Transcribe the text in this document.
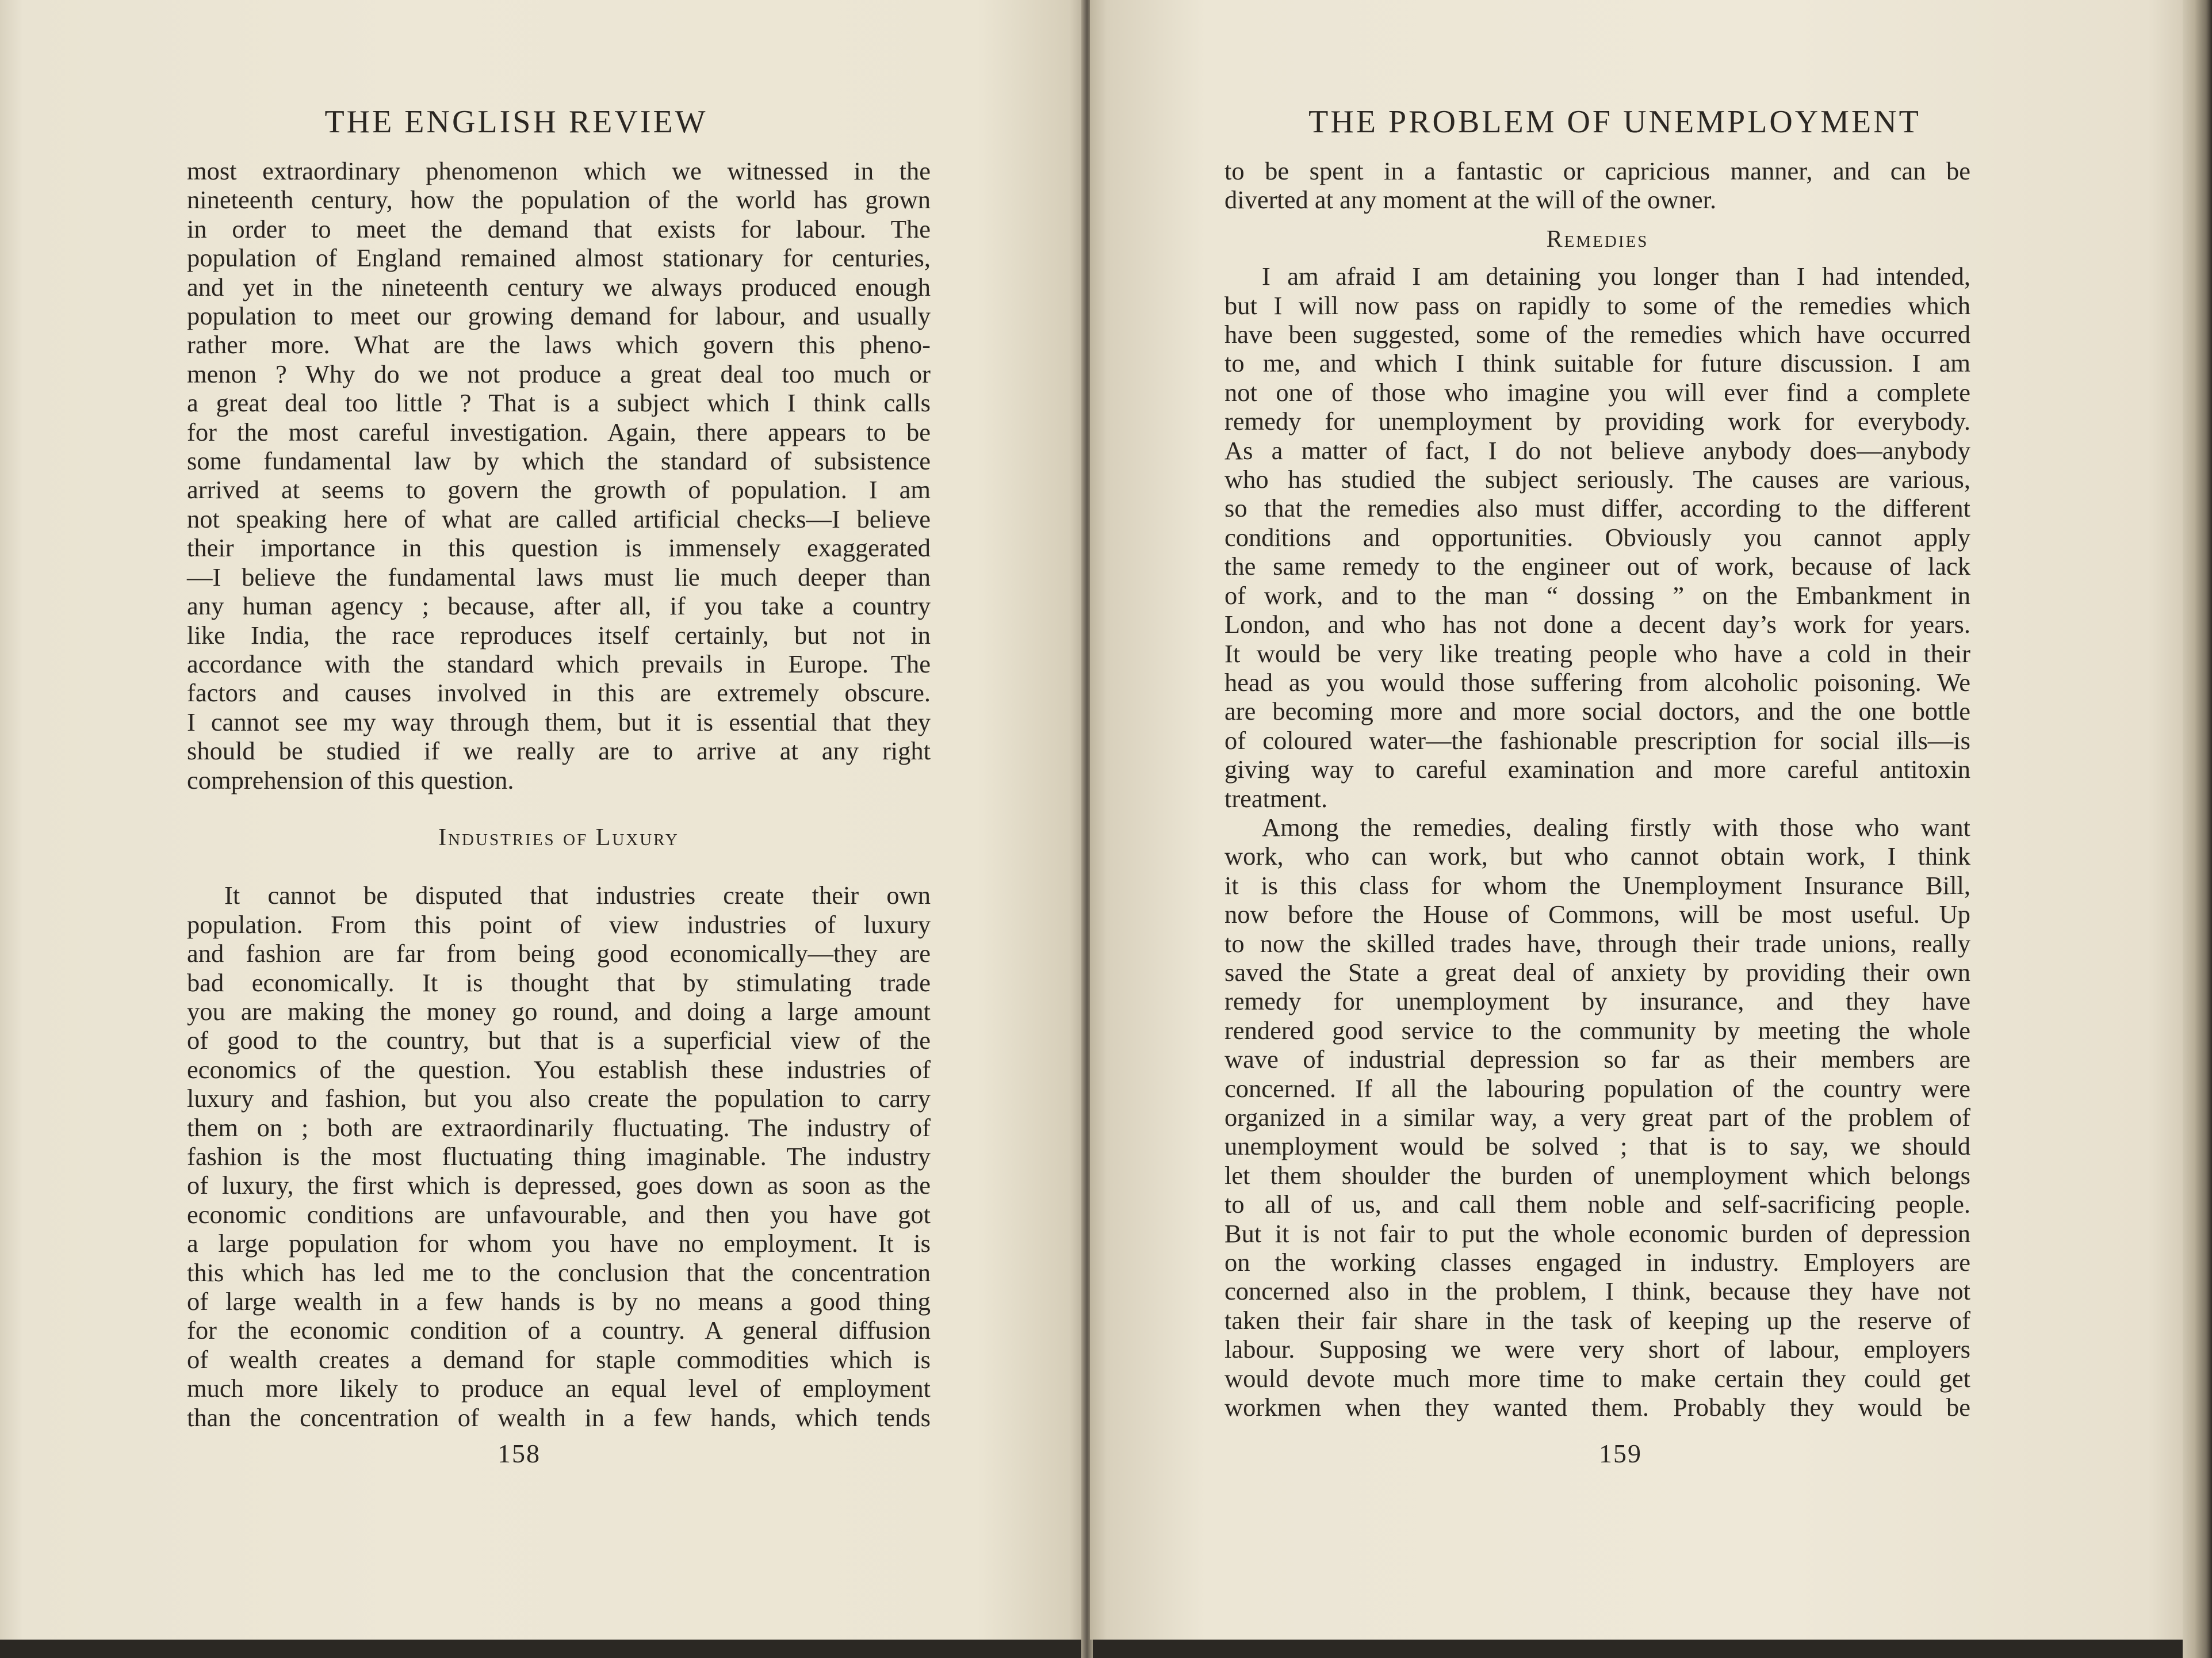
THE ENGLISH REVIEW
most extraordinary phenomenon which we witnessed in the
nineteenth century, how the population of the world has grown
in order to meet the demand that exists for labour. The
population of England remained almost stationary for centuries,
and yet in the nineteenth century we always produced enough
population to meet our growing demand for labour, and usually
rather more. What are the laws which govern this pheno-
menon ? Why do we not produce a great deal too much or
a great deal too little ? That is a subject which I think calls
for the most careful investigation. Again, there appears to be
some fundamental law by which the standard of subsistence
arrived at seems to govern the growth of population. I am
not speaking here of what are called artificial checks—I believe
their importance in this question is immensely exaggerated
—I believe the fundamental laws must lie much deeper than
any human agency ; because, after all, if you take a country
like India, the race reproduces itself certainly, but not in
accordance with the standard which prevails in Europe. The
factors and causes involved in this are extremely obscure.
I cannot see my way through them, but it is essential that they
should be studied if we really are to arrive at any right
comprehension of this question.
Industries of Luxury
It cannot be disputed that industries create their own
population. From this point of view industries of luxury
and fashion are far from being good economically—they are
bad economically. It is thought that by stimulating trade
you are making the money go round, and doing a large amount
of good to the country, but that is a superficial view of the
economics of the question. You establish these industries of
luxury and fashion, but you also create the population to carry
them on ; both are extraordinarily fluctuating. The industry of
fashion is the most fluctuating thing imaginable. The industry
of luxury, the first which is depressed, goes down as soon as the
economic conditions are unfavourable, and then you have got
a large population for whom you have no employment. It is
this which has led me to the conclusion that the concentration
of large wealth in a few hands is by no means a good thing
for the economic condition of a country. A general diffusion
of wealth creates a demand for staple commodities which is
much more likely to produce an equal level of employment
than the concentration of wealth in a few hands, which tends
158
THE PROBLEM OF UNEMPLOYMENT
to be spent in a fantastic or capricious manner, and can be
diverted at any moment at the will of the owner.
Remedies
I am afraid I am detaining you longer than I had intended,
but I will now pass on rapidly to some of the remedies which
have been suggested, some of the remedies which have occurred
to me, and which I think suitable for future discussion. I am
not one of those who imagine you will ever find a complete
remedy for unemployment by providing work for everybody.
As a matter of fact, I do not believe anybody does—anybody
who has studied the subject seriously. The causes are various,
so that the remedies also must differ, according to the different
conditions and opportunities. Obviously you cannot apply
the same remedy to the engineer out of work, because of lack
of work, and to the man “ dossing ” on the Embankment in
London, and who has not done a decent day’s work for years.
It would be very like treating people who have a cold in their
head as you would those suffering from alcoholic poisoning. We
are becoming more and more social doctors, and the one bottle
of coloured water—the fashionable prescription for social ills—is
giving way to careful examination and more careful antitoxin
treatment.
Among the remedies, dealing firstly with those who want
work, who can work, but who cannot obtain work, I think
it is this class for whom the Unemployment Insurance Bill,
now before the House of Commons, will be most useful. Up
to now the skilled trades have, through their trade unions, really
saved the State a great deal of anxiety by providing their own
remedy for unemployment by insurance, and they have
rendered good service to the community by meeting the whole
wave of industrial depression so far as their members are
concerned. If all the labouring population of the country were
organized in a similar way, a very great part of the problem of
unemployment would be solved ; that is to say, we should
let them shoulder the burden of unemployment which belongs
to all of us, and call them noble and self-sacrificing people.
But it is not fair to put the whole economic burden of depression
on the working classes engaged in industry. Employers are
concerned also in the problem, I think, because they have not
taken their fair share in the task of keeping up the reserve of
labour. Supposing we were very short of labour, employers
would devote much more time to make certain they could get
workmen when they wanted them. Probably they would be
159
